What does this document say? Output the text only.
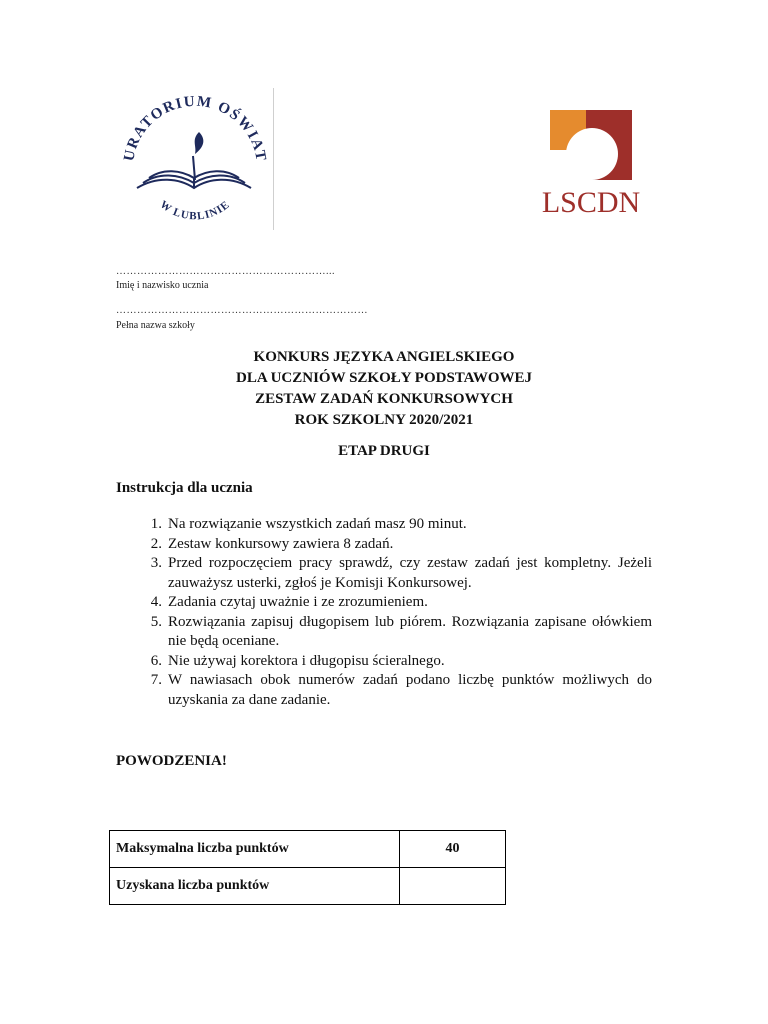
URATORIUM OŚWIAT
W LUBLINIE	LSCDN
……………………………………………………...
Imię i nazwisko ucznia
………………………………………………………………
Pełna nazwa szkoły
KONKURS JĘZYKA ANGIELSKIEGO
DLA UCZNIÓW SZKOŁY PODSTAWOWEJ
ZESTAW ZADAŃ KONKURSOWYCH
ROK SZKOLNY 2020/2021
ETAP DRUGI
Instrukcja dla ucznia
1. Na rozwiązanie wszystkich zadań masz 90 minut.
2. Zestaw konkursowy zawiera 8 zadań.
3. Przed rozpoczęciem pracy sprawdź, czy zestaw zadań jest kompletny. Jeżeli zauważysz usterki, zgłoś je Komisji Konkursowej.
4. Zadania czytaj uważnie i ze zrozumieniem.
5. Rozwiązania zapisuj długopisem lub piórem. Rozwiązania zapisane ołówkiem nie będą oceniane.
6. Nie używaj korektora i długopisu ścieralnego.
7. W nawiasach obok numerów zadań podano liczbę punktów możliwych do uzyskania za dane zadanie.
POWODZENIA!
Maksymalna liczba punktów	40
Uzyskana liczba punktów	
